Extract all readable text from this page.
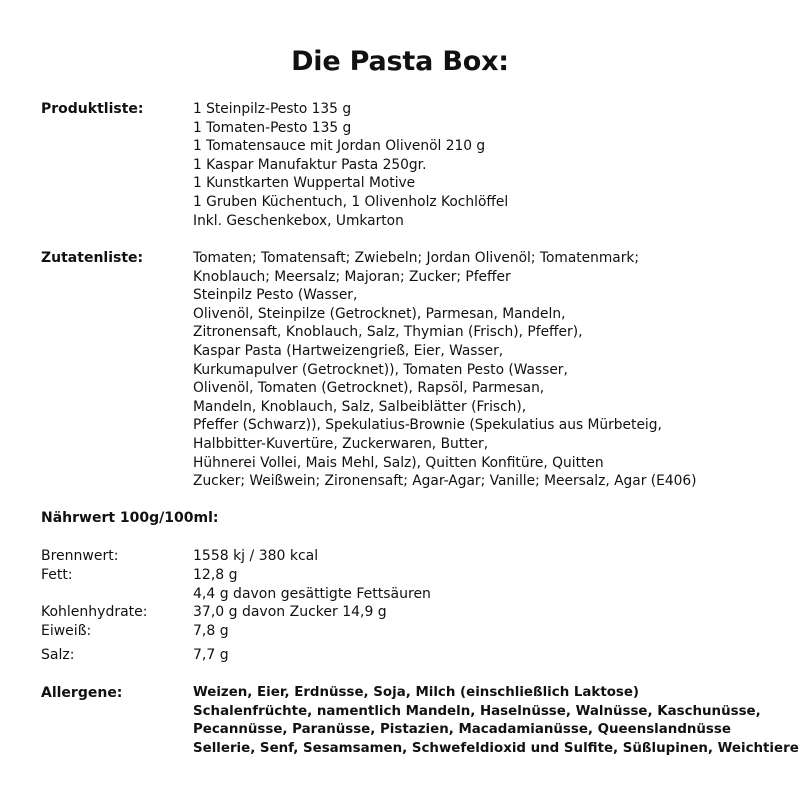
Die Pasta Box:
Produktliste:	1 Steinpilz-Pesto 135 g
1 Tomaten-Pesto 135 g
1 Tomatensauce mit Jordan Olivenöl 210 g
1 Kaspar Manufaktur Pasta 250gr.
1 Kunstkarten Wuppertal Motive
1 Gruben Küchentuch, 1 Olivenholz Kochlöffel
Inkl. Geschenkebox, Umkarton
Zutatenliste:	Tomaten; Tomatensaft; Zwiebeln; Jordan Olivenöl; Tomatenmark;
Knoblauch; Meersalz; Majoran; Zucker; Pfeffer
Steinpilz Pesto (Wasser,
Olivenöl, Steinpilze (Getrocknet), Parmesan, Mandeln,
Zitronensaft, Knoblauch, Salz, Thymian (Frisch), Pfeffer),
Kaspar Pasta (Hartweizengrieß, Eier, Wasser,
Kurkumapulver (Getrocknet)), Tomaten Pesto (Wasser,
Olivenöl, Tomaten (Getrocknet), Rapsöl, Parmesan,
Mandeln, Knoblauch, Salz, Salbeiblätter (Frisch),
Pfeffer (Schwarz)), Spekulatius-Brownie (Spekulatius aus Mürbeteig,
Halbbitter-Kuvertüre, Zuckerwaren, Butter,
Hühnerei Vollei, Mais Mehl, Salz), Quitten Konfitüre, Quitten
Zucker; Weißwein; Zironensaft; Agar-Agar; Vanille; Meersalz, Agar (E406)
Nährwert 100g/100ml:
Brennwert:	1558 kj / 380 kcal
Fett:	12,8 g
4,4 g davon gesättigte Fettsäuren
Kohlenhydrate:	37,0 g davon Zucker 14,9 g
Eiweiß:	7,8 g
Salz:	7,7 g
Allergene:	Weizen, Eier, Erdnüsse, Soja, Milch (einschließlich Laktose)
Schalenfrüchte, namentlich Mandeln, Haselnüsse, Walnüsse, Kaschunüsse,
Pecannüsse, Paranüsse, Pistazien, Macadamianüsse, Queenslandnüsse
Sellerie, Senf, Sesamsamen, Schwefeldioxid und Sulfite, Süßlupinen, Weichtiere
